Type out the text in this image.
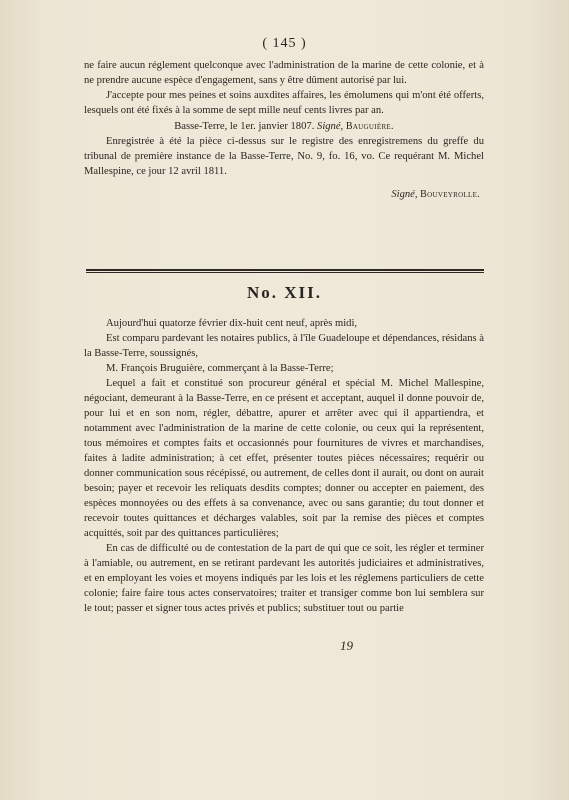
( 145 )

ne faire aucun réglement quelconque avec l'administration de la marine de cette colonie, et à ne prendre aucune espèce d'engagement, sans y être dûment autorisé par lui.

J'accepte pour mes peines et soins auxdites affaires, les émolumens qui m'ont été offerts, lesquels ont été fixés à la somme de sept mille neuf cents livres par an.

Basse-Terre, le 1er. janvier 1807. Signé, Bauguière.

Enregistrée à été la pièce ci-dessus sur le registre des enregistremens du greffe du tribunal de première instance de la Basse-Terre, No. 9, fo. 16, vo. Ce requérant M. Michel Mallespine, ce jour 12 avril 1811.

Signé, Bouveyrolle.

No. XII.

Aujourd'hui quatorze février dix-huit cent neuf, après midi,

Est comparu pardevant les notaires publics, à l'île Guadeloupe et dépendances, résidans à la Basse-Terre, soussignés,

M. François Bruguière, commerçant à la Basse-Terre;

Lequel a fait et constitué son procureur général et spécial M. Michel Mallespine, négociant, demeurant à la Basse-Terre, en ce présent et acceptant, auquel il donne pouvoir de, pour lui et en son nom, régler, débattre, apurer et arrêter avec qui il appartiendra, et notamment avec l'administration de la marine de cette colonie, ou ceux qui la représentent, tous mémoires et comptes faits et occasionnés pour fournitures de vivres et marchandises, faites à ladite administration; à cet effet, présenter toutes pièces nécessaires; requérir ou donner communication sous récépissé, ou autrement, de celles dont il aurait, ou dont on aurait besoin; payer et recevoir les reliquats desdits comptes; donner ou accepter en paiement, des espèces monnoyées ou des effets à sa convenance, avec ou sans garantie; du tout donner et recevoir toutes quittances et décharges valables, soit par la remise des pièces et comptes acquittés, soit par des quittances particulières;

En cas de difficulté ou de contestation de la part de qui que ce soit, les régler et terminer à l'amiable, ou autrement, en se retirant pardevant les autorités judiciaires et administratives, et en employant les voies et moyens indiqués par les lois et les réglemens particuliers de cette colonie; faire faire tous actes conservatoires; traiter et transiger comme bon lui semblera sur le tout; passer et signer tous actes privés et publics; substituer tout ou partie

19
